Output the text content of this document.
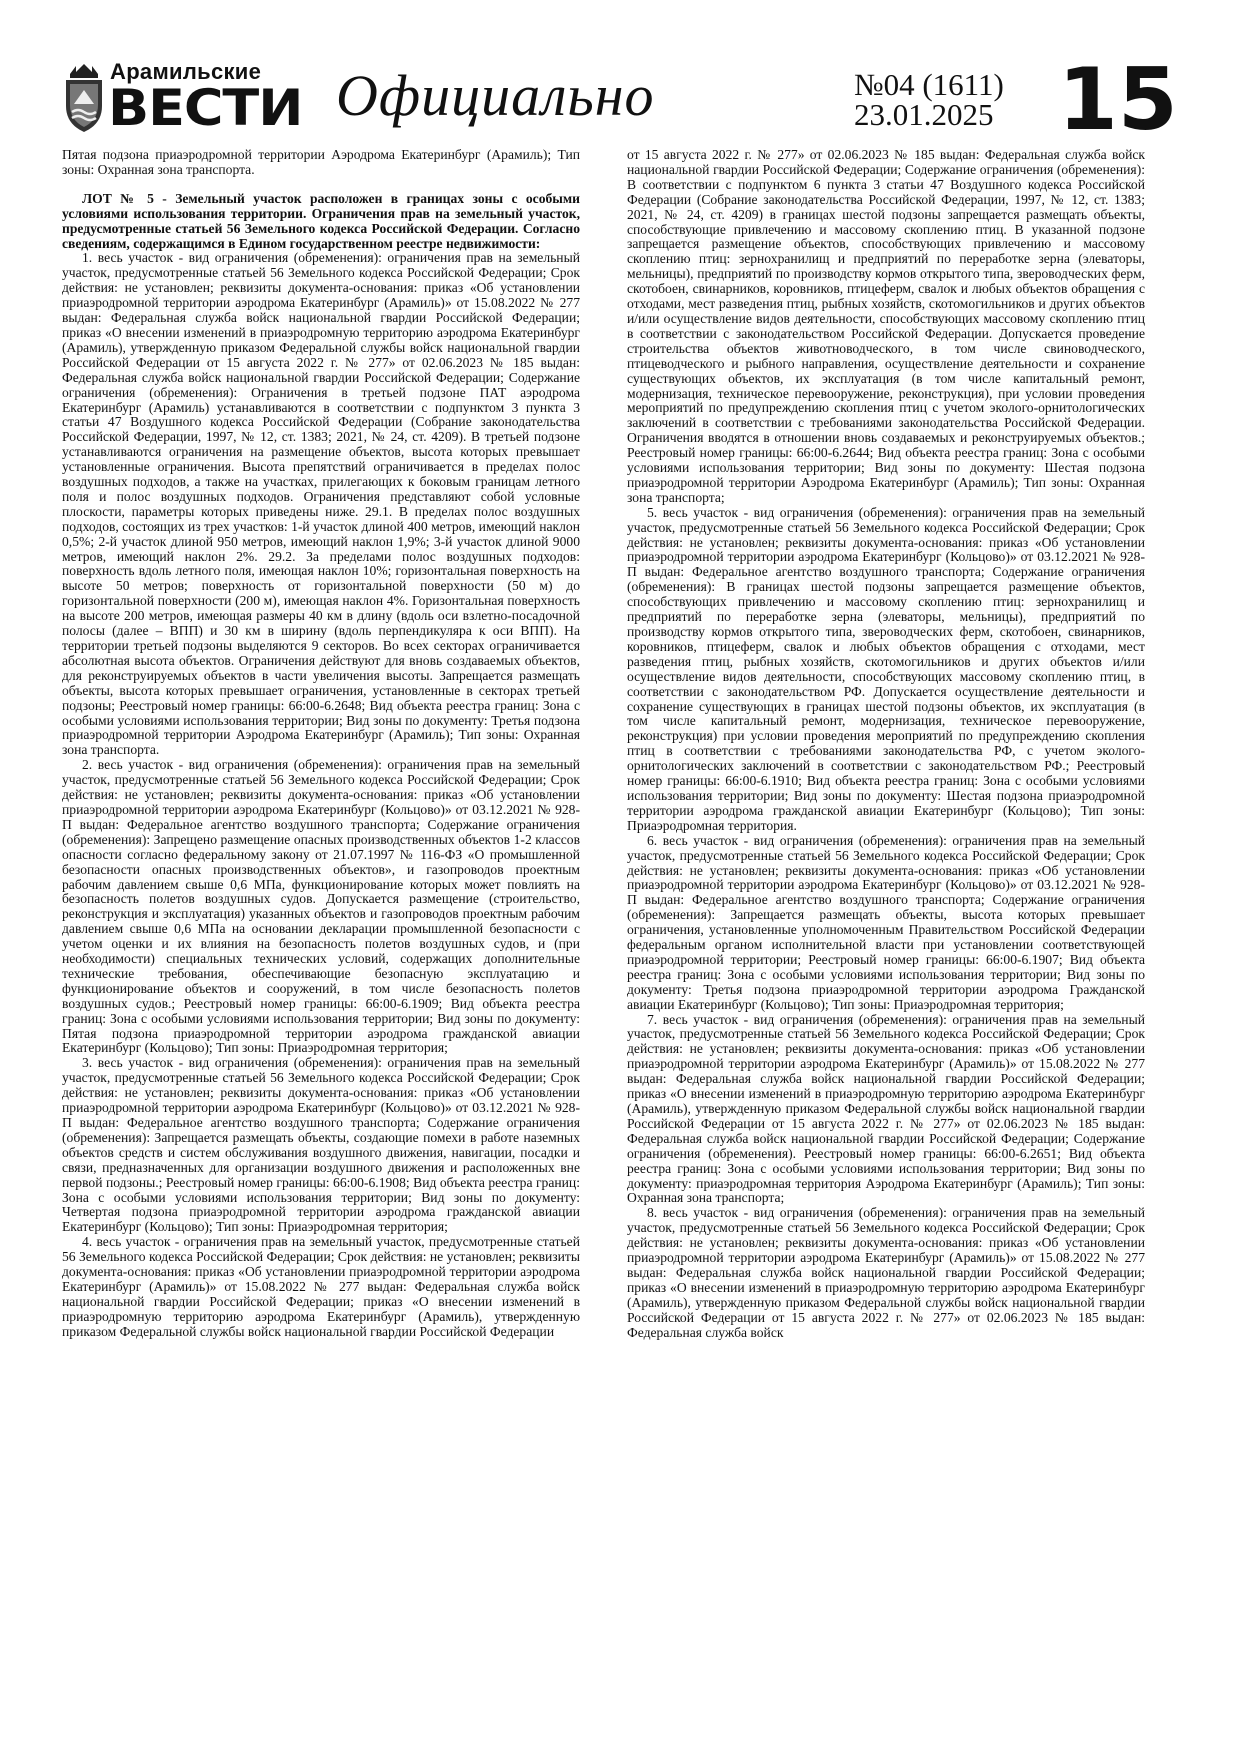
Арамильские
ВЕСТИ Официально	№04 (1611)
23.01.2025 15

Пятая подзона приаэродромной территории Аэродрома Екатеринбург (Арамиль); Тип зоны: Охранная зона транспорта.

ЛОТ № 5 - Земельный участок расположен в границах зоны с особыми условиями использования территории. Ограничения прав на земельный участок, предусмотренные статьей 56 Земельного кодекса Российской Федерации. Согласно сведениям, содержащимся в Едином государственном реестре недвижимости:

1. весь участок - вид ограничения (обременения): ограничения прав на земельный участок, предусмотренные статьей 56 Земельного кодекса Российской Федерации; Срок действия: не установлен; реквизиты документа-основания: приказ «Об установлении приаэродромной территории аэродрома Екатеринбург (Арамиль)» от 15.08.2022 № 277 выдан: Федеральная служба войск национальной гвардии Российской Федерации; приказ «О внесении изменений в приаэродромную территорию аэродрома Екатеринбург (Арамиль), утвержденную приказом Федеральной службы войск национальной гвардии Российской Федерации от 15 августа 2022 г. № 277» от 02.06.2023 № 185 выдан: Федеральная служба войск национальной гвардии Российской Федерации; Содержание ограничения (обременения): Ограничения в третьей подзоне ПАТ аэродрома Екатеринбург (Арамиль) устанавливаются в соответствии с подпунктом 3 пункта 3 статьи 47 Воздушного кодекса Российской Федерации (Собрание законодательства Российской Федерации, 1997, № 12, ст. 1383; 2021, № 24, ст. 4209). В третьей подзоне устанавливаются ограничения на размещение объектов, высота которых превышает установленные ограничения. Высота препятствий ограничивается в пределах полос воздушных подходов, а также на участках, прилегающих к боковым границам летного поля и полос воздушных подходов. Ограничения представляют собой условные плоскости, параметры которых приведены ниже. 29.1. В пределах полос воздушных подходов, состоящих из трех участков: 1-й участок длиной 400 метров, имеющий наклон 0,5%; 2-й участок длиной 950 метров, имеющий наклон 1,9%; 3-й участок длиной 9000 метров, имеющий наклон 2%. 29.2. За пределами полос воздушных подходов: поверхность вдоль летного поля, имеющая наклон 10%; горизонтальная поверхность на высоте 50 метров; поверхность от горизонтальной поверхности (50 м) до горизонтальной поверхности (200 м), имеющая наклон 4%. Горизонтальная поверхность на высоте 200 метров, имеющая размеры 40 км в длину (вдоль оси взлетно-посадочной полосы (далее – ВПП) и 30 км в ширину (вдоль перпендикуляра к оси ВПП). На территории третьей подзоны выделяются 9 секторов. Во всех секторах ограничивается абсолютная высота объектов. Ограничения действуют для вновь создаваемых объектов, для реконструируемых объектов в части увеличения высоты. Запрещается размещать объекты, высота которых превышает ограничения, установленные в секторах третьей подзоны; Реестровый номер границы: 66:00-6.2648; Вид объекта реестра границ: Зона с особыми условиями использования территории; Вид зоны по документу: Третья подзона приаэродромной территории Аэродрома Екатеринбург (Арамиль); Тип зоны: Охранная зона транспорта.

2. весь участок - вид ограничения (обременения): ограничения прав на земельный участок, предусмотренные статьей 56 Земельного кодекса Российской Федерации; Срок действия: не установлен; реквизиты документа-основания: приказ «Об установлении приаэродромной территории аэродрома Екатеринбург (Кольцово)» от 03.12.2021 № 928-П выдан: Федеральное агентство воздушного транспорта; Содержание ограничения (обременения): Запрещено размещение опасных производственных объектов 1-2 классов опасности согласно федеральному закону от 21.07.1997 № 116-ФЗ «О промышленной безопасности опасных производственных объектов», и газопроводов проектным рабочим давлением свыше 0,6 МПа, функционирование которых может повлиять на безопасность полетов воздушных судов. Допускается размещение (строительство, реконструкция и эксплуатация) указанных объектов и газопроводов проектным рабочим давлением свыше 0,6 МПа на основании декларации промышленной безопасности с учетом оценки и их влияния на безопасность полетов воздушных судов, и (при необходимости) специальных технических условий, содержащих дополнительные технические требования, обеспечивающие безопасную эксплуатацию и функционирование объектов и сооружений, в том числе безопасность полетов воздушных судов.; Реестровый номер границы: 66:00-6.1909; Вид объекта реестра границ: Зона с особыми условиями использования территории; Вид зоны по документу: Пятая подзона приаэродромной территории аэродрома гражданской авиации Екатеринбург (Кольцово); Тип зоны: Приаэродромная территория;

3. весь участок - вид ограничения (обременения): ограничения прав на земельный участок, предусмотренные статьей 56 Земельного кодекса Российской Федерации; Срок действия: не установлен; реквизиты документа-основания: приказ «Об установлении приаэродромной территории аэродрома Екатеринбург (Кольцово)» от 03.12.2021 № 928-П выдан: Федеральное агентство воздушного транспорта; Содержание ограничения (обременения): Запрещается размещать объекты, создающие помехи в работе наземных объектов средств и систем обслуживания воздушного движения, навигации, посадки и связи, предназначенных для организации воздушного движения и расположенных вне первой подзоны.; Реестровый номер границы: 66:00-6.1908; Вид объекта реестра границ: Зона с особыми условиями использования территории; Вид зоны по документу: Четвертая подзона приаэродромной территории аэродрома гражданской авиации Екатеринбург (Кольцово); Тип зоны: Приаэродромная территория;

4. весь участок - ограничения прав на земельный участок, предусмотренные статьей 56 Земельного кодекса Российской Федерации; Срок действия: не установлен; реквизиты документа-основания: приказ «Об установлении приаэродромной территории аэродрома Екатеринбург (Арамиль)» от 15.08.2022 № 277 выдан: Федеральная служба войск национальной гвардии Российской Федерации; приказ «О внесении изменений в приаэродромную территорию аэродрома Екатеринбург (Арамиль), утвержденную приказом Федеральной службы войск национальной гвардии Российской Федерации

от 15 августа 2022 г. № 277» от 02.06.2023 № 185 выдан: Федеральная служба войск национальной гвардии Российской Федерации; Содержание ограничения (обременения): В соответствии с подпунктом 6 пункта 3 статьи 47 Воздушного кодекса Российской Федерации (Собрание законодательства Российской Федерации, 1997, № 12, ст. 1383; 2021, № 24, ст. 4209) в границах шестой подзоны запрещается размещать объекты, способствующие привлечению и массовому скоплению птиц. В указанной подзоне запрещается размещение объектов, способствующих привлечению и массовому скоплению птиц: зернохранилищ и предприятий по переработке зерна (элеваторы, мельницы), предприятий по производству кормов открытого типа, звероводческих ферм, скотобоен, свинарников, коровников, птицеферм, свалок и любых объектов обращения с отходами, мест разведения птиц, рыбных хозяйств, скотомогильников и других объектов и/или осуществление видов деятельности, способствующих массовому скоплению птиц в соответствии с законодательством Российской Федерации. Допускается проведение строительства объектов животноводческого, в том числе свиноводческого, птицеводческого и рыбного направления, осуществление деятельности и сохранение существующих объектов, их эксплуатация (в том числе капитальный ремонт, модернизация, техническое перевооружение, реконструкция), при условии проведения мероприятий по предупреждению скопления птиц с учетом эколого-орнитологических заключений в соответствии с требованиями законодательства Российской Федерации. Ограничения вводятся в отношении вновь создаваемых и реконструируемых объектов.; Реестровый номер границы: 66:00-6.2644; Вид объекта реестра границ: Зона с особыми условиями использования территории; Вид зоны по документу: Шестая подзона приаэродромной территории Аэродрома Екатеринбург (Арамиль); Тип зоны: Охранная зона транспорта;

5. весь участок - вид ограничения (обременения): ограничения прав на земельный участок, предусмотренные статьей 56 Земельного кодекса Российской Федерации; Срок действия: не установлен; реквизиты документа-основания: приказ «Об установлении приаэродромной территории аэродрома Екатеринбург (Кольцово)» от 03.12.2021 № 928-П выдан: Федеральное агентство воздушного транспорта; Содержание ограничения (обременения): В границах шестой подзоны запрещается размещение объектов, способствующих привлечению и массовому скоплению птиц: зернохранилищ и предприятий по переработке зерна (элеваторы, мельницы), предприятий по производству кормов открытого типа, звероводческих ферм, скотобоен, свинарников, коровников, птицеферм, свалок и любых объектов обращения с отходами, мест разведения птиц, рыбных хозяйств, скотомогильников и других объектов и/или осуществление видов деятельности, способствующих массовому скоплению птиц, в соответствии с законодательством РФ. Допускается осуществление деятельности и сохранение существующих в границах шестой подзоны объектов, их эксплуатация (в том числе капитальный ремонт, модернизация, техническое перевооружение, реконструкция) при условии проведения мероприятий по предупреждению скопления птиц в соответствии с требованиями законодательства РФ, с учетом эколого-орнитологических заключений в соответствии с законодательством РФ.; Реестровый номер границы: 66:00-6.1910; Вид объекта реестра границ: Зона с особыми условиями использования территории; Вид зоны по документу: Шестая подзона приаэродромной территории аэродрома гражданской авиации Екатеринбург (Кольцово); Тип зоны: Приаэродромная территория.

6. весь участок - вид ограничения (обременения): ограничения прав на земельный участок, предусмотренные статьей 56 Земельного кодекса Российской Федерации; Срок действия: не установлен; реквизиты документа-основания: приказ «Об установлении приаэродромной территории аэродрома Екатеринбург (Кольцово)» от 03.12.2021 № 928-П выдан: Федеральное агентство воздушного транспорта; Содержание ограничения (обременения): Запрещается размещать объекты, высота которых превышает ограничения, установленные уполномоченным Правительством Российской Федерации федеральным органом исполнительной власти при установлении соответствующей приаэродромной территории; Реестровый номер границы: 66:00-6.1907; Вид объекта реестра границ: Зона с особыми условиями использования территории; Вид зоны по документу: Третья подзона приаэродромной территории аэродрома Гражданской авиации Екатеринбург (Кольцово); Тип зоны: Приаэродромная территория;

7. весь участок - вид ограничения (обременения): ограничения прав на земельный участок, предусмотренные статьей 56 Земельного кодекса Российской Федерации; Срок действия: не установлен; реквизиты документа-основания: приказ «Об установлении приаэродромной территории аэродрома Екатеринбург (Арамиль)» от 15.08.2022 № 277 выдан: Федеральная служба войск национальной гвардии Российской Федерации; приказ «О внесении изменений в приаэродромную территорию аэродрома Екатеринбург (Арамиль), утвержденную приказом Федеральной службы войск национальной гвардии Российской Федерации от 15 августа 2022 г. № 277» от 02.06.2023 № 185 выдан: Федеральная служба войск национальной гвардии Российской Федерации; Содержание ограничения (обременения). Реестровый номер границы: 66:00-6.2651; Вид объекта реестра границ: Зона с особыми условиями использования территории; Вид зоны по документу: приаэродромная территория Аэродрома Екатеринбург (Арамиль); Тип зоны: Охранная зона транспорта;

8. весь участок - вид ограничения (обременения): ограничения прав на земельный участок, предусмотренные статьей 56 Земельного кодекса Российской Федерации; Срок действия: не установлен; реквизиты документа-основания: приказ «Об установлении приаэродромной территории аэродрома Екатеринбург (Арамиль)» от 15.08.2022 № 277 выдан: Федеральная служба войск национальной гвардии Российской Федерации; приказ «О внесении изменений в приаэродромную территорию аэродрома Екатеринбург (Арамиль), утвержденную приказом Федеральной службы войск национальной гвардии Российской Федерации от 15 августа 2022 г. № 277» от 02.06.2023 № 185 выдан: Федеральная служба войск
